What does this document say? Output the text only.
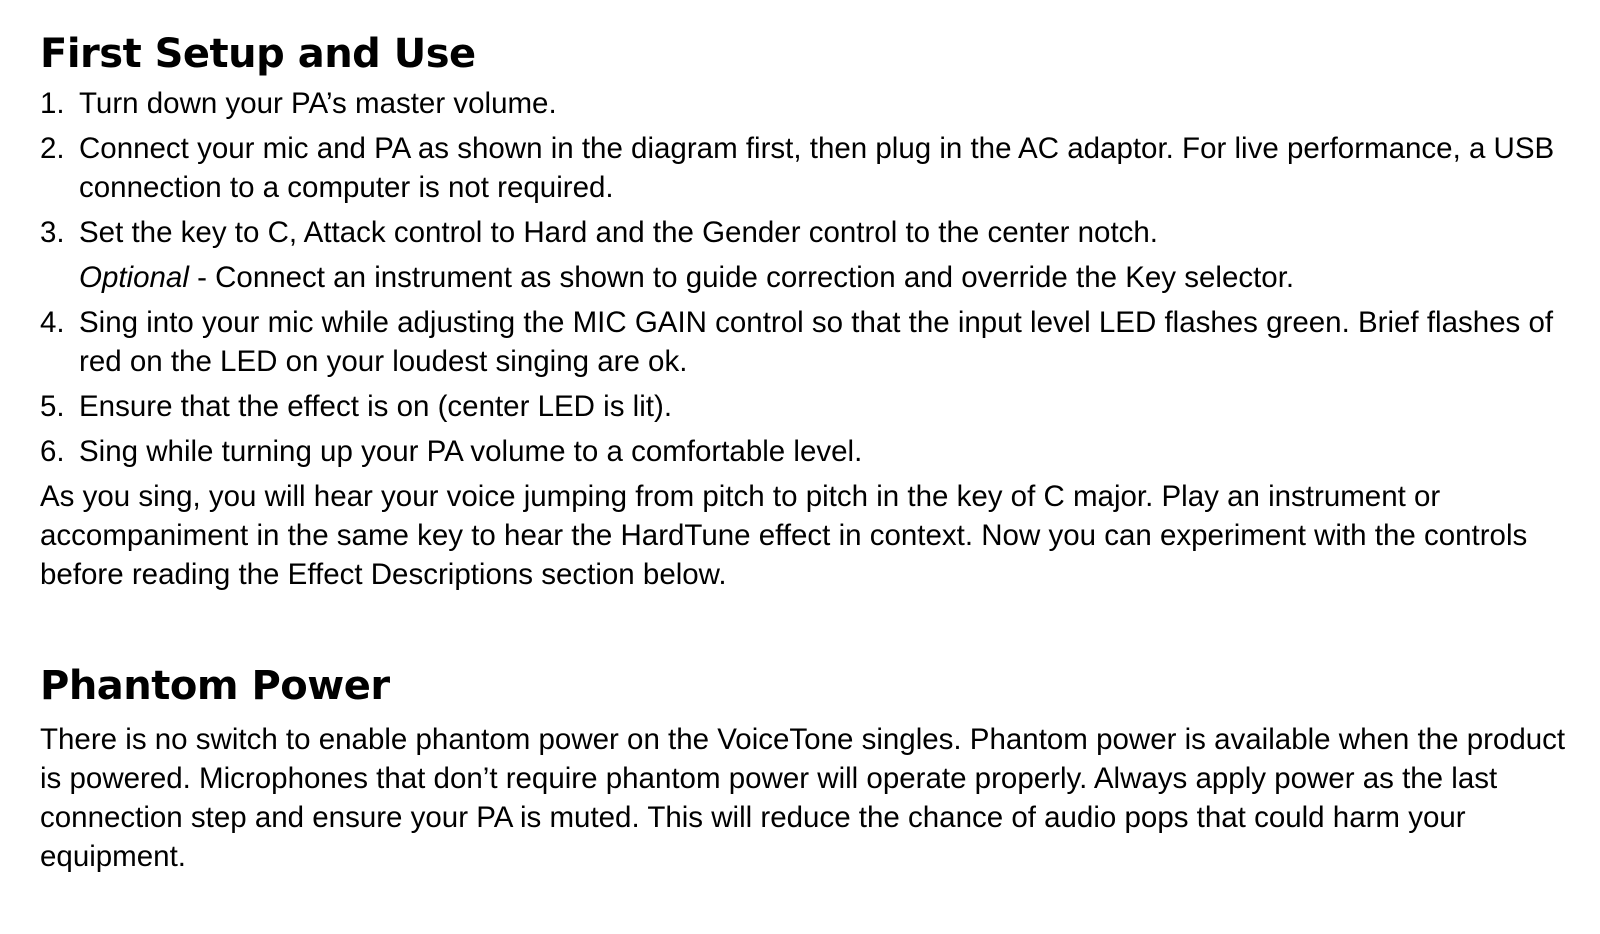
First Setup and Use
1. Turn down your PA’s master volume.
2. Connect your mic and PA as shown in the diagram first, then plug in the AC adaptor. For live performance, a USB connection to a computer is not required.
3. Set the key to C, Attack control to Hard and the Gender control to the center notch.
Optional - Connect an instrument as shown to guide correction and override the Key selector.
4. Sing into your mic while adjusting the MIC GAIN control so that the input level LED flashes green. Brief flashes of red on the LED on your loudest singing are ok.
5. Ensure that the effect is on (center LED is lit).
6. Sing while turning up your PA volume to a comfortable level.

As you sing, you will hear your voice jumping from pitch to pitch in the key of C major. Play an instrument or accompaniment in the same key to hear the HardTune effect in context. Now you can experiment with the controls before reading the Effect Descriptions section below.

Phantom Power

There is no switch to enable phantom power on the VoiceTone singles. Phantom power is available when the product is powered. Microphones that don’t require phantom power will operate properly. Always apply power as the last connection step and ensure your PA is muted. This will reduce the chance of audio pops that could harm your equipment.
